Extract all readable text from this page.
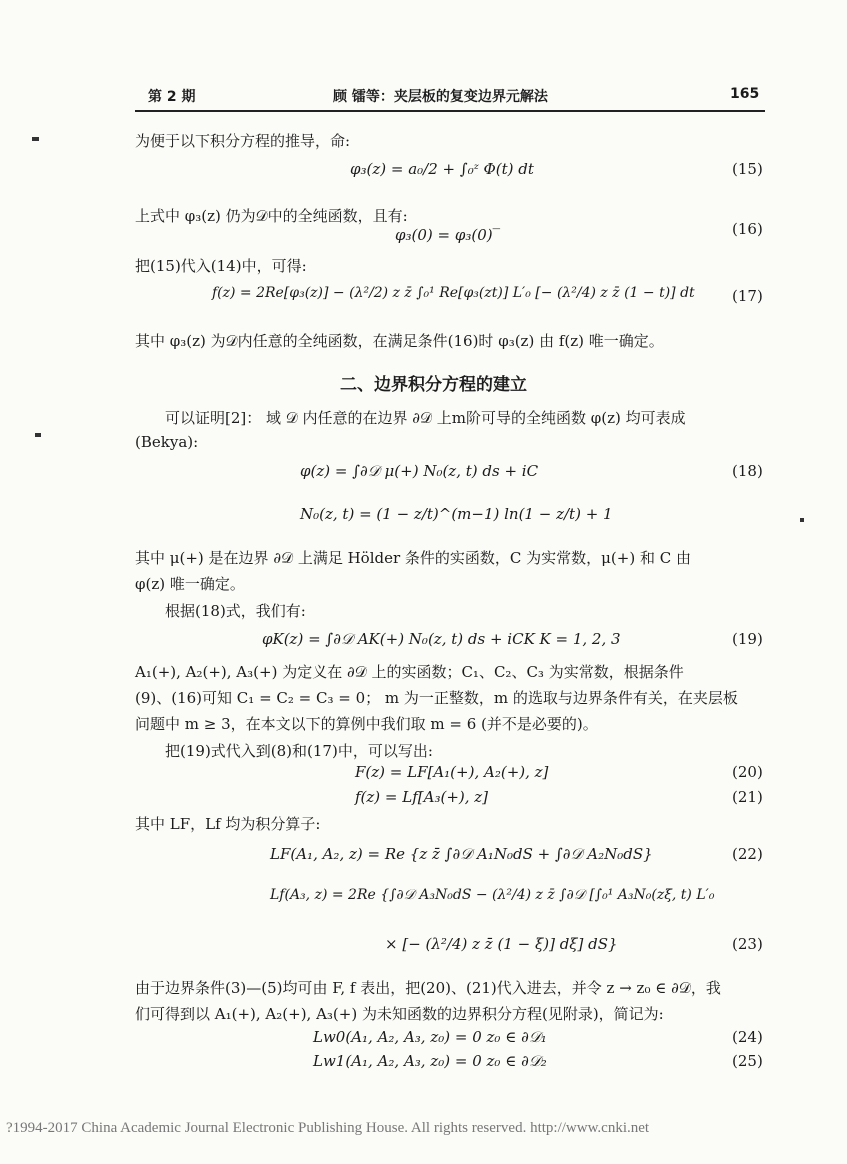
第 2 期	顾 镭等：夹层板的复变边界元解法	165
为便于以下积分方程的推导，命:
φ₃(z) = a₀/2 + ∫₀ᶻ Φ(t) dt	(15)
上式中 φ₃(z) 仍为𝒟中的全纯函数，且有:
φ₃(0) = φ₃(0)‾	(16)
把(15)代入(14)中，可得:
f(z) = 2Re[φ₃(z)] − (λ²/2) z z̄ ∫₀¹ Re[φ₃(zt)] L′₀ [− (λ²/4) z z̄ (1 − t)] dt (17)
其中 φ₃(z) 为𝒟内任意的全纯函数，在满足条件(16)时 φ₃(z) 由 f(z) 唯一确定。
二、边界积分方程的建立
可以证明[2]： 域 𝒟 内任意的在边界 ∂𝒟 上m阶可导的全纯函数 φ(z) 均可表成
(Bekya):
φ(z) = ∫∂𝒟 μ(+) N₀(z, t) ds + iC	(18)
N₀(z, t) = (1 − z/t)^(m−1) ln(1 − z/t) + 1
其中 μ(+) 是在边界 ∂𝒟 上满足 Hölder 条件的实函数，C 为实常数，μ(+) 和 C 由
φ(z) 唯一确定。
根据(18)式，我们有:
φK(z) = ∫∂𝒟 AK(+) N₀(z, t) ds + iCK K = 1, 2, 3	(19)
A₁(+), A₂(+), A₃(+) 为定义在 ∂𝒟 上的实函数；C₁、C₂、C₃ 为实常数，根据条件
(9)、(16)可知 C₁ = C₂ = C₃ = 0； m 为一正整数，m 的选取与边界条件有关，在夹层板
问题中 m ≥ 3，在本文以下的算例中我们取 m = 6 (并不是必要的)。
把(19)式代入到(8)和(17)中，可以写出:
F(z) = LF[A₁(+), A₂(+), z]	(20)
f(z) = Lf[A₃(+), z]	(21)
其中 LF，Lf 均为积分算子:
LF(A₁, A₂, z) = Re {z z̄ ∫∂𝒟 A₁N₀dS + ∫∂𝒟 A₂N₀dS}	(22)
Lf(A₃, z) = 2Re {∫∂𝒟 A₃N₀dS − (λ²/4) z z̄ ∫∂𝒟 [∫₀¹ A₃N₀(zξ, t) L′₀
× [− (λ²/4) z z̄ (1 − ξ)] dξ] dS}	(23)
由于边界条件(3)—(5)均可由 F, f 表出，把(20)、(21)代入进去，并令 z → z₀ ∈ ∂𝒟，我
们可得到以 A₁(+), A₂(+), A₃(+) 为未知函数的边界积分方程(见附录)，简记为:
Lw0(A₁, A₂, A₃, z₀) = 0 z₀ ∈ ∂𝒟₁	(24)
Lw1(A₁, A₂, A₃, z₀) = 0 z₀ ∈ ∂𝒟₂	(25)
?1994-2017 China Academic Journal Electronic Publishing House. All rights reserved. http://www.cnki.net
